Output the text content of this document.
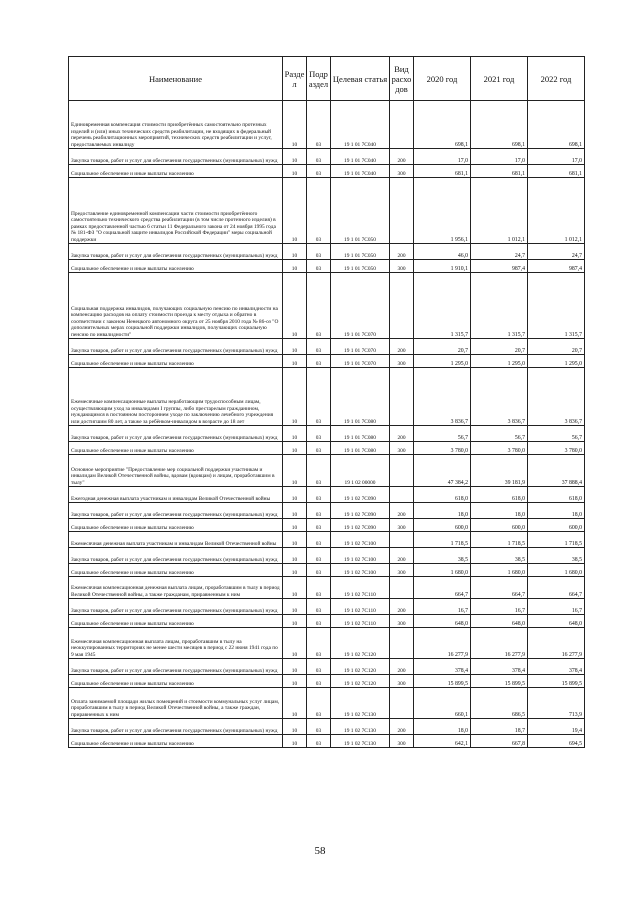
Наименование	Разде л	Подр аздел	Целевая статья	Вид расхо дов	2020 год	2021 год	2022 год
Единовременная компенсация стоимости приобретённых самостоятельно протезных изделий и (или) иных технических средств реабилитации, не входящих в федеральный перечень реабилитационных мероприятий, технических средств реабилитации и услуг, предоставляемых инвалиду	10	03	19 1 01 7С040		698,1	698,1	698,1
Закупка товаров, работ и услуг для обеспечения государственных (муниципальных) нужд	10	03	19 1 01 7С040	200	17,0	17,0	17,0
Социальное обеспечение и иные выплаты населению	10	03	19 1 01 7С040	300	681,1	681,1	681,1
Предоставление единовременной компенсации части стоимости приобретённого самостоятельно технического средства реабилитации (в том числе протезного изделия) в рамках предоставленной частью 6 статьи 11 Федерального закона от 24 ноября 1995 года № 181-ФЗ "О социальной защите инвалидов Российской Федерации" меры социальной поддержки	10	03	19 1 01 7С050		1 956,1	1 012,1	1 012,1
Закупка товаров, работ и услуг для обеспечения государственных (муниципальных) нужд	10	03	19 1 01 7С050	200	46,0	24,7	24,7
Социальное обеспечение и иные выплаты населению	10	03	19 1 01 7С050	300	1 910,1	987,4	987,4
Социальная поддержка инвалидов, получающих социальную пенсию по инвалидности на компенсацию расходов на оплату стоимости проезда к месту отдыха и обратно в соответствии с законом Ненецкого автономного округа от 25 ноября 2010 года № 86-оз "О дополнительных мерах социальной поддержки инвалидов, получающих социальную пенсию по инвалидности"	10	03	19 1 01 7С070		1 315,7	1 315,7	1 315,7
Закупка товаров, работ и услуг для обеспечения государственных (муниципальных) нужд	10	03	19 1 01 7С070	200	20,7	20,7	20,7
Социальное обеспечение и иные выплаты населению	10	03	19 1 01 7С070	300	1 295,0	1 295,0	1 295,0
Ежемесячные компенсационные выплаты неработающим трудоспособным лицам, осуществляющим уход за инвалидами I группы, либо престарелым гражданином, нуждающимся в постоянном постороннем уходе по заключению лечебного учреждения или достигшим 80 лет, а также за ребёнком-инвалидом в возрасте до 18 лет	10	03	19 1 01 7С080		3 836,7	3 836,7	3 836,7
Закупка товаров, работ и услуг для обеспечения государственных (муниципальных) нужд	10	03	19 1 01 7С080	200	56,7	56,7	56,7
Социальное обеспечение и иные выплаты населению	10	03	19 1 01 7С080	300	3 780,0	3 780,0	3 780,0
Основное мероприятие "Предоставление мер социальной поддержки участникам и инвалидам Великой Отечественной войны, вдовам (вдовцам) и лицам, проработавшим в тылу"	10	03	19 1 02 00000		47 384,2	39 181,9	37 888,4
Ежегодная денежная выплата участникам и инвалидам Великой Отечественной войны	10	03	19 1 02 7С090		618,0	618,0	618,0
Закупка товаров, работ и услуг для обеспечения государственных (муниципальных) нужд	10	03	19 1 02 7С090	200	18,0	18,0	18,0
Социальное обеспечение и иные выплаты населению	10	03	19 1 02 7С090	300	600,0	600,0	600,0
Ежемесячная денежная выплата участникам и инвалидам Великой Отечественной войны	10	03	19 1 02 7С100		1 718,5	1 718,5	1 718,5
Закупка товаров, работ и услуг для обеспечения государственных (муниципальных) нужд	10	03	19 1 02 7С100	200	38,5	38,5	38,5
Социальное обеспечение и иные выплаты населению	10	03	19 1 02 7С100	300	1 680,0	1 680,0	1 680,0
Ежемесячная компенсационная денежная выплата лицам, проработавшим в тылу в период Великой Отечественной войны, а также гражданам, приравненным к ним	10	03	19 1 02 7С110		664,7	664,7	664,7
Закупка товаров, работ и услуг для обеспечения государственных (муниципальных) нужд	10	03	19 1 02 7С110	200	16,7	16,7	16,7
Социальное обеспечение и иные выплаты населению	10	03	19 1 02 7С110	300	648,0	648,0	648,0
Ежемесячная компенсационная выплата лицам, проработавшим в тылу на неоккупированных территориях не менее шести месяцев в период с 22 июня 1941 года по 9 мая 1945	10	03	19 1 02 7С120		16 277,9	16 277,9	16 277,9
Закупка товаров, работ и услуг для обеспечения государственных (муниципальных) нужд	10	03	19 1 02 7С120	200	378,4	378,4	378,4
Социальное обеспечение и иные выплаты населению	10	03	19 1 02 7С120	300	15 899,5	15 899,5	15 899,5
Оплата занимаемой площади жилых помещений и стоимости коммунальных услуг лицам, проработавшим в тылу в период Великой Отечественной войны, а также граждан, приравненных к ним	10	03	19 1 02 7С130		660,1	686,5	713,9
Закупка товаров, работ и услуг для обеспечения государственных (муниципальных) нужд	10	03	19 1 02 7С130	200	18,0	18,7	19,4
Социальное обеспечение и иные выплаты населению	10	03	19 1 02 7С130	300	642,1	667,8	694,5
58
